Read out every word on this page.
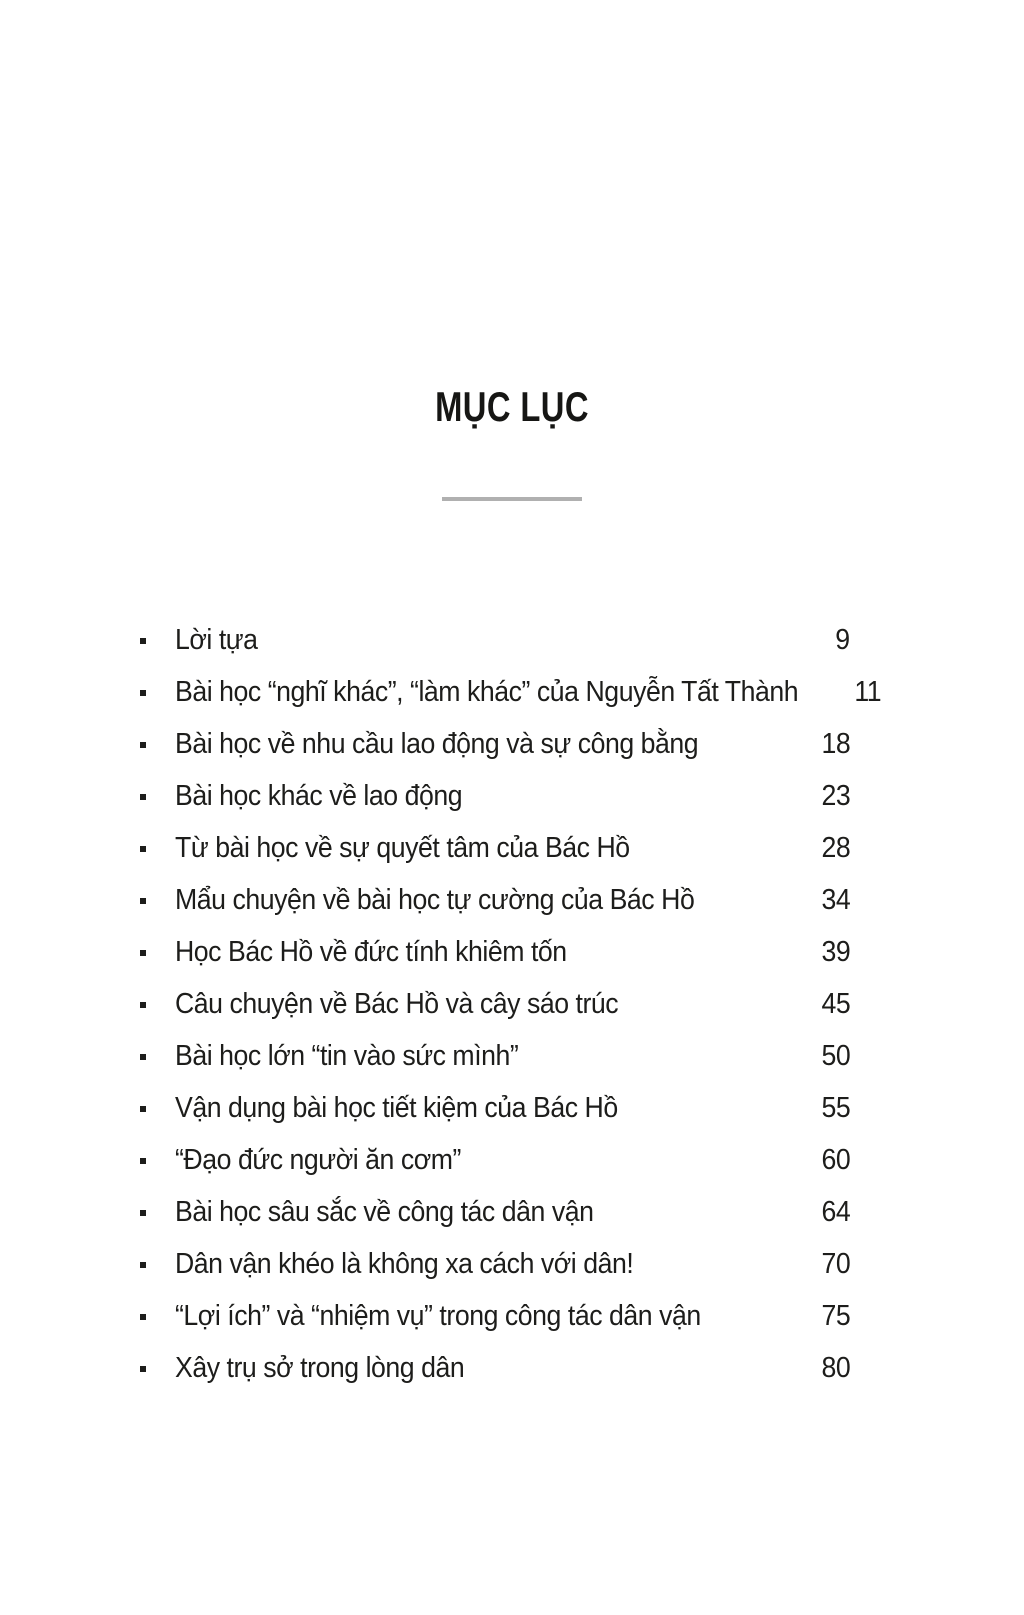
MỤC LỤC
Lời tựa	9
Bài học “nghĩ khác”, “làm khác” của Nguyễn Tất Thành 11
Bài học về nhu cầu lao động và sự công bằng	18
Bài học khác về lao động	23
Từ bài học về sự quyết tâm của Bác Hồ	28
Mẩu chuyện về bài học tự cường của Bác Hồ	34
Học Bác Hồ về đức tính khiêm tốn	39
Câu chuyện về Bác Hồ và cây sáo trúc	45
Bài học lớn “tin vào sức mình”	50
Vận dụng bài học tiết kiệm của Bác Hồ	55
“Đạo đức người ăn cơm”	60
Bài học sâu sắc về công tác dân vận	64
Dân vận khéo là không xa cách với dân!	70
“Lợi ích” và “nhiệm vụ” trong công tác dân vận	75
Xây trụ sở trong lòng dân	80
